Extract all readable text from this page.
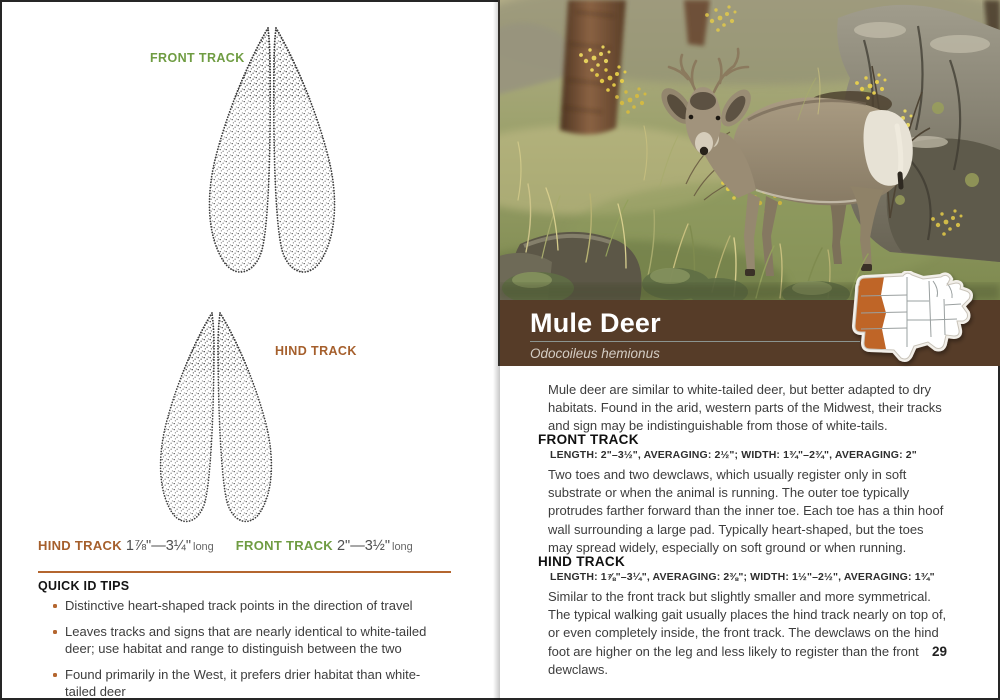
FRONT TRACK
HIND TRACK
HIND TRACK 1⅞"—3¼" long FRONT TRACK 2"—3½" long
QUICK ID TIPS
Distinctive heart-shaped track points in the direction of travel
Leaves tracks and signs that are nearly identical to white-tailed deer; use habitat and range to distinguish between the two
Found primarily in the West, it prefers drier habitat than white-tailed deer
Mule Deer
Odocoileus hemionus
Mule deer are similar to white-tailed deer, but better adapted to dry habitats. Found in the arid, western parts of the Midwest, their tracks and sign may be indistinguishable from those of white-tails.
FRONT TRACK
LENGTH: 2"–3½", AVERAGING: 2½"; WIDTH: 1¾"–2¾", AVERAGING: 2"
Two toes and two dewclaws, which usually register only in soft substrate or when the animal is running. The outer toe typically protrudes farther forward than the inner toe. Each toe has a thin hoof wall surrounding a large pad. Typically heart-shaped, but the toes may spread widely, especially on soft ground or when running.
HIND TRACK
LENGTH: 1⅞"–3¼", AVERAGING: 2⅜"; WIDTH: 1½"–2½", AVERAGING: 1¾"
Similar to the front track but slightly smaller and more symmetrical. The typical walking gait usually places the hind track nearly on top of, or even completely inside, the front track. The dewclaws on the hind foot are higher on the leg and less likely to register than the front dewclaws.
29
